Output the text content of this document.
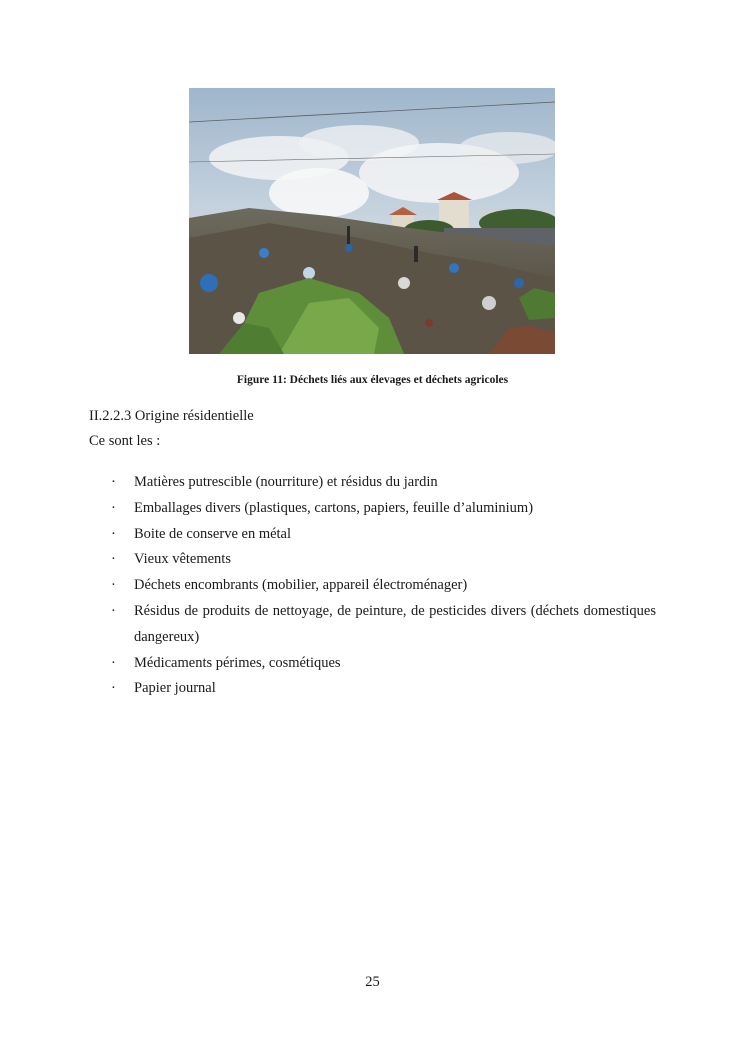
Figure 11: Déchets liés aux élevages et déchets agricoles
II.2.2.3 Origine résidentielle
Ce sont les :
· Matières putrescible (nourriture) et résidus du jardin
· Emballages divers (plastiques, cartons, papiers, feuille d’aluminium)
· Boite de conserve en métal
· Vieux vêtements
· Déchets encombrants (mobilier, appareil électroménager)
· Résidus de produits de nettoyage, de peinture, de pesticides divers (déchets domestiques dangereux)
· Médicaments périmes, cosmétiques
· Papier journal
25
